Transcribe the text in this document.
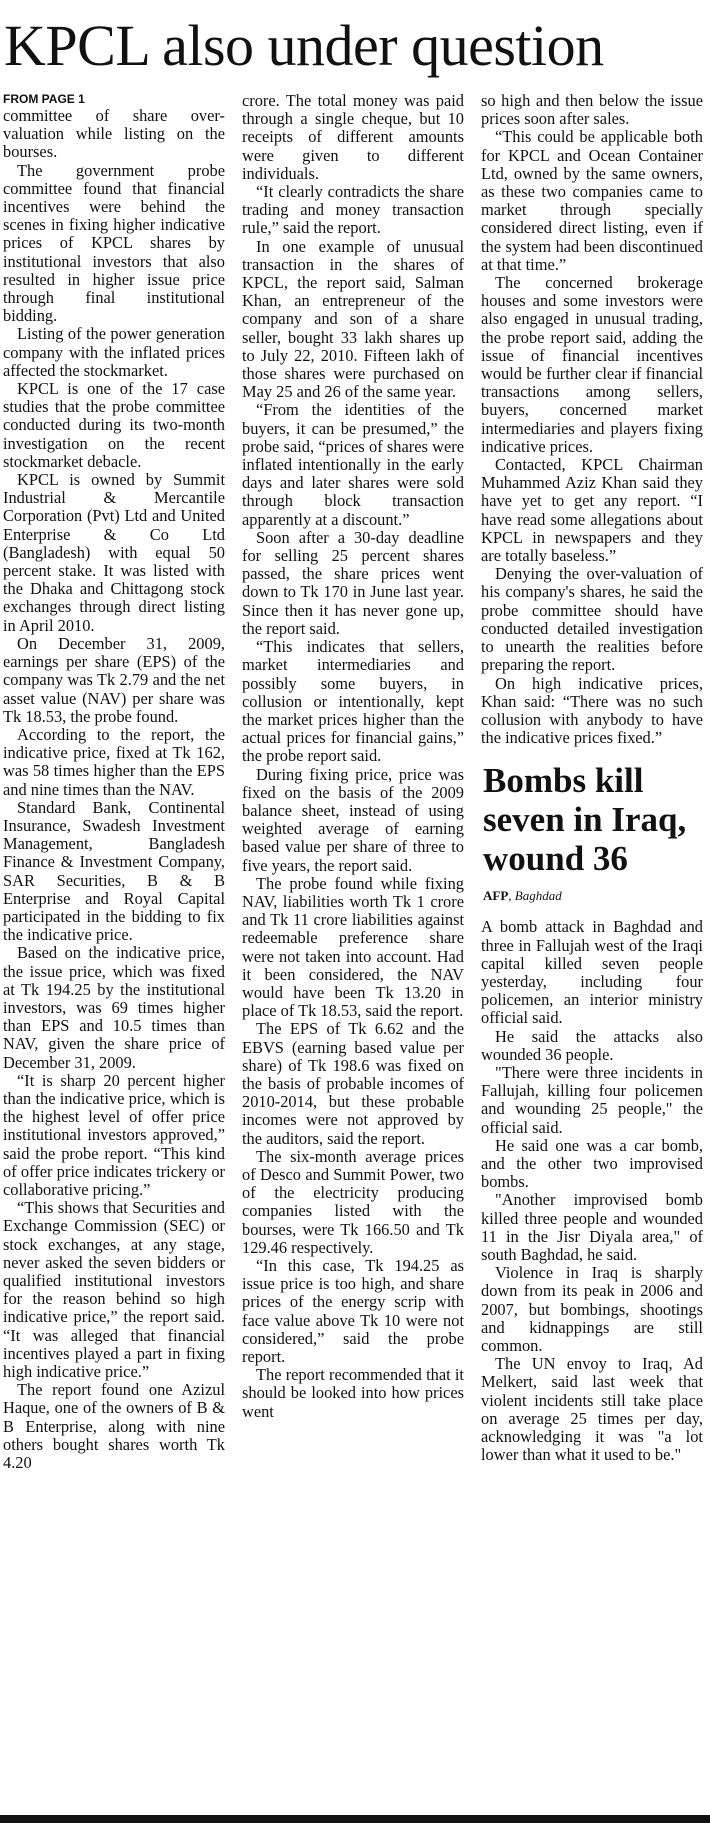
KPCL also under question
FROM PAGE 1

committee of share over-valuation while listing on the bourses.

The government probe committee found that financial incentives were behind the scenes in fixing higher indicative prices of KPCL shares by institutional investors that also resulted in higher issue price through final institutional bidding.

Listing of the power generation company with the inflated prices affected the stockmarket.

KPCL is one of the 17 case studies that the probe committee conducted during its two-month investigation on the recent stockmarket debacle.

KPCL is owned by Summit Industrial & Mercantile Corporation (Pvt) Ltd and United Enterprise & Co Ltd (Bangladesh) with equal 50 percent stake. It was listed with the Dhaka and Chittagong stock exchanges through direct listing in April 2010.

On December 31, 2009, earnings per share (EPS) of the company was Tk 2.79 and the net asset value (NAV) per share was Tk 18.53, the probe found.

According to the report, the indicative price, fixed at Tk 162, was 58 times higher than the EPS and nine times than the NAV.

Standard Bank, Continental Insurance, Swadesh Investment Management, Bangladesh Finance & Investment Company, SAR Securities, B & B Enterprise and Royal Capital participated in the bidding to fix the indicative price.

Based on the indicative price, the issue price, which was fixed at Tk 194.25 by the institutional investors, was 69 times higher than EPS and 10.5 times than NAV, given the share price of December 31, 2009.

“It is sharp 20 percent higher than the indicative price, which is the highest level of offer price institutional investors approved,” said the probe report. “This kind of offer price indicates trickery or collaborative pricing.”

“This shows that Securities and Exchange Commission (SEC) or stock exchanges, at any stage, never asked the seven bidders or qualified institutional investors for the reason behind so high indicative price,” the report said. “It was alleged that financial incentives played a part in fixing high indicative price.”

The report found one Azizul Haque, one of the owners of B & B Enterprise, along with nine others bought shares worth Tk 4.20

crore. The total money was paid through a single cheque, but 10 receipts of different amounts were given to different individuals.

“It clearly contradicts the share trading and money transaction rule,” said the report.

In one example of unusual transaction in the shares of KPCL, the report said, Salman Khan, an entrepreneur of the company and son of a share seller, bought 33 lakh shares up to July 22, 2010. Fifteen lakh of those shares were purchased on May 25 and 26 of the same year.

“From the identities of the buyers, it can be presumed,” the probe said, “prices of shares were inflated intentionally in the early days and later shares were sold through block transaction apparently at a discount.”

Soon after a 30-day deadline for selling 25 percent shares passed, the share prices went down to Tk 170 in June last year. Since then it has never gone up, the report said.

“This indicates that sellers, market intermediaries and possibly some buyers, in collusion or intentionally, kept the market prices higher than the actual prices for financial gains,” the probe report said.

During fixing price, price was fixed on the basis of the 2009 balance sheet, instead of using weighted average of earning based value per share of three to five years, the report said.

The probe found while fixing NAV, liabilities worth Tk 1 crore and Tk 11 crore liabilities against redeemable preference share were not taken into account. Had it been considered, the NAV would have been Tk 13.20 in place of Tk 18.53, said the report.

The EPS of Tk 6.62 and the EBVS (earning based value per share) of Tk 198.6 was fixed on the basis of probable incomes of 2010-2014, but these probable incomes were not approved by the auditors, said the report.

The six-month average prices of Desco and Summit Power, two of the electricity producing companies listed with the bourses, were Tk 166.50 and Tk 129.46 respectively.

“In this case, Tk 194.25 as issue price is too high, and share prices of the energy scrip with face value above Tk 10 were not considered,” said the probe report.

The report recommended that it should be looked into how prices went

so high and then below the issue prices soon after sales.

“This could be applicable both for KPCL and Ocean Container Ltd, owned by the same owners, as these two companies came to market through specially considered direct listing, even if the system had been discontinued at that time.”

The concerned brokerage houses and some investors were also engaged in unusual trading, the probe report said, adding the issue of financial incentives would be further clear if financial transactions among sellers, buyers, concerned market intermediaries and players fixing indicative prices.

Contacted, KPCL Chairman Muhammed Aziz Khan said they have yet to get any report. “I have read some allegations about KPCL in newspapers and they are totally baseless.”

Denying the over-valuation of his company's shares, he said the probe committee should have conducted detailed investigation to unearth the realities before preparing the report.

On high indicative prices, Khan said: “There was no such collusion with anybody to have the indicative prices fixed.”

Bombs kill seven in Iraq, wound 36
AFP, Baghdad

A bomb attack in Baghdad and three in Fallujah west of the Iraqi capital killed seven people yesterday, including four policemen, an interior ministry official said.

He said the attacks also wounded 36 people.

"There were three incidents in Fallujah, killing four policemen and wounding 25 people," the official said.

He said one was a car bomb, and the other two improvised bombs.

"Another improvised bomb killed three people and wounded 11 in the Jisr Diyala area," of south Baghdad, he said.

Violence in Iraq is sharply down from its peak in 2006 and 2007, but bombings, shootings and kidnappings are still common.

The UN envoy to Iraq, Ad Melkert, said last week that violent incidents still take place on average 25 times per day, acknowledging it was "a lot lower than what it used to be."
